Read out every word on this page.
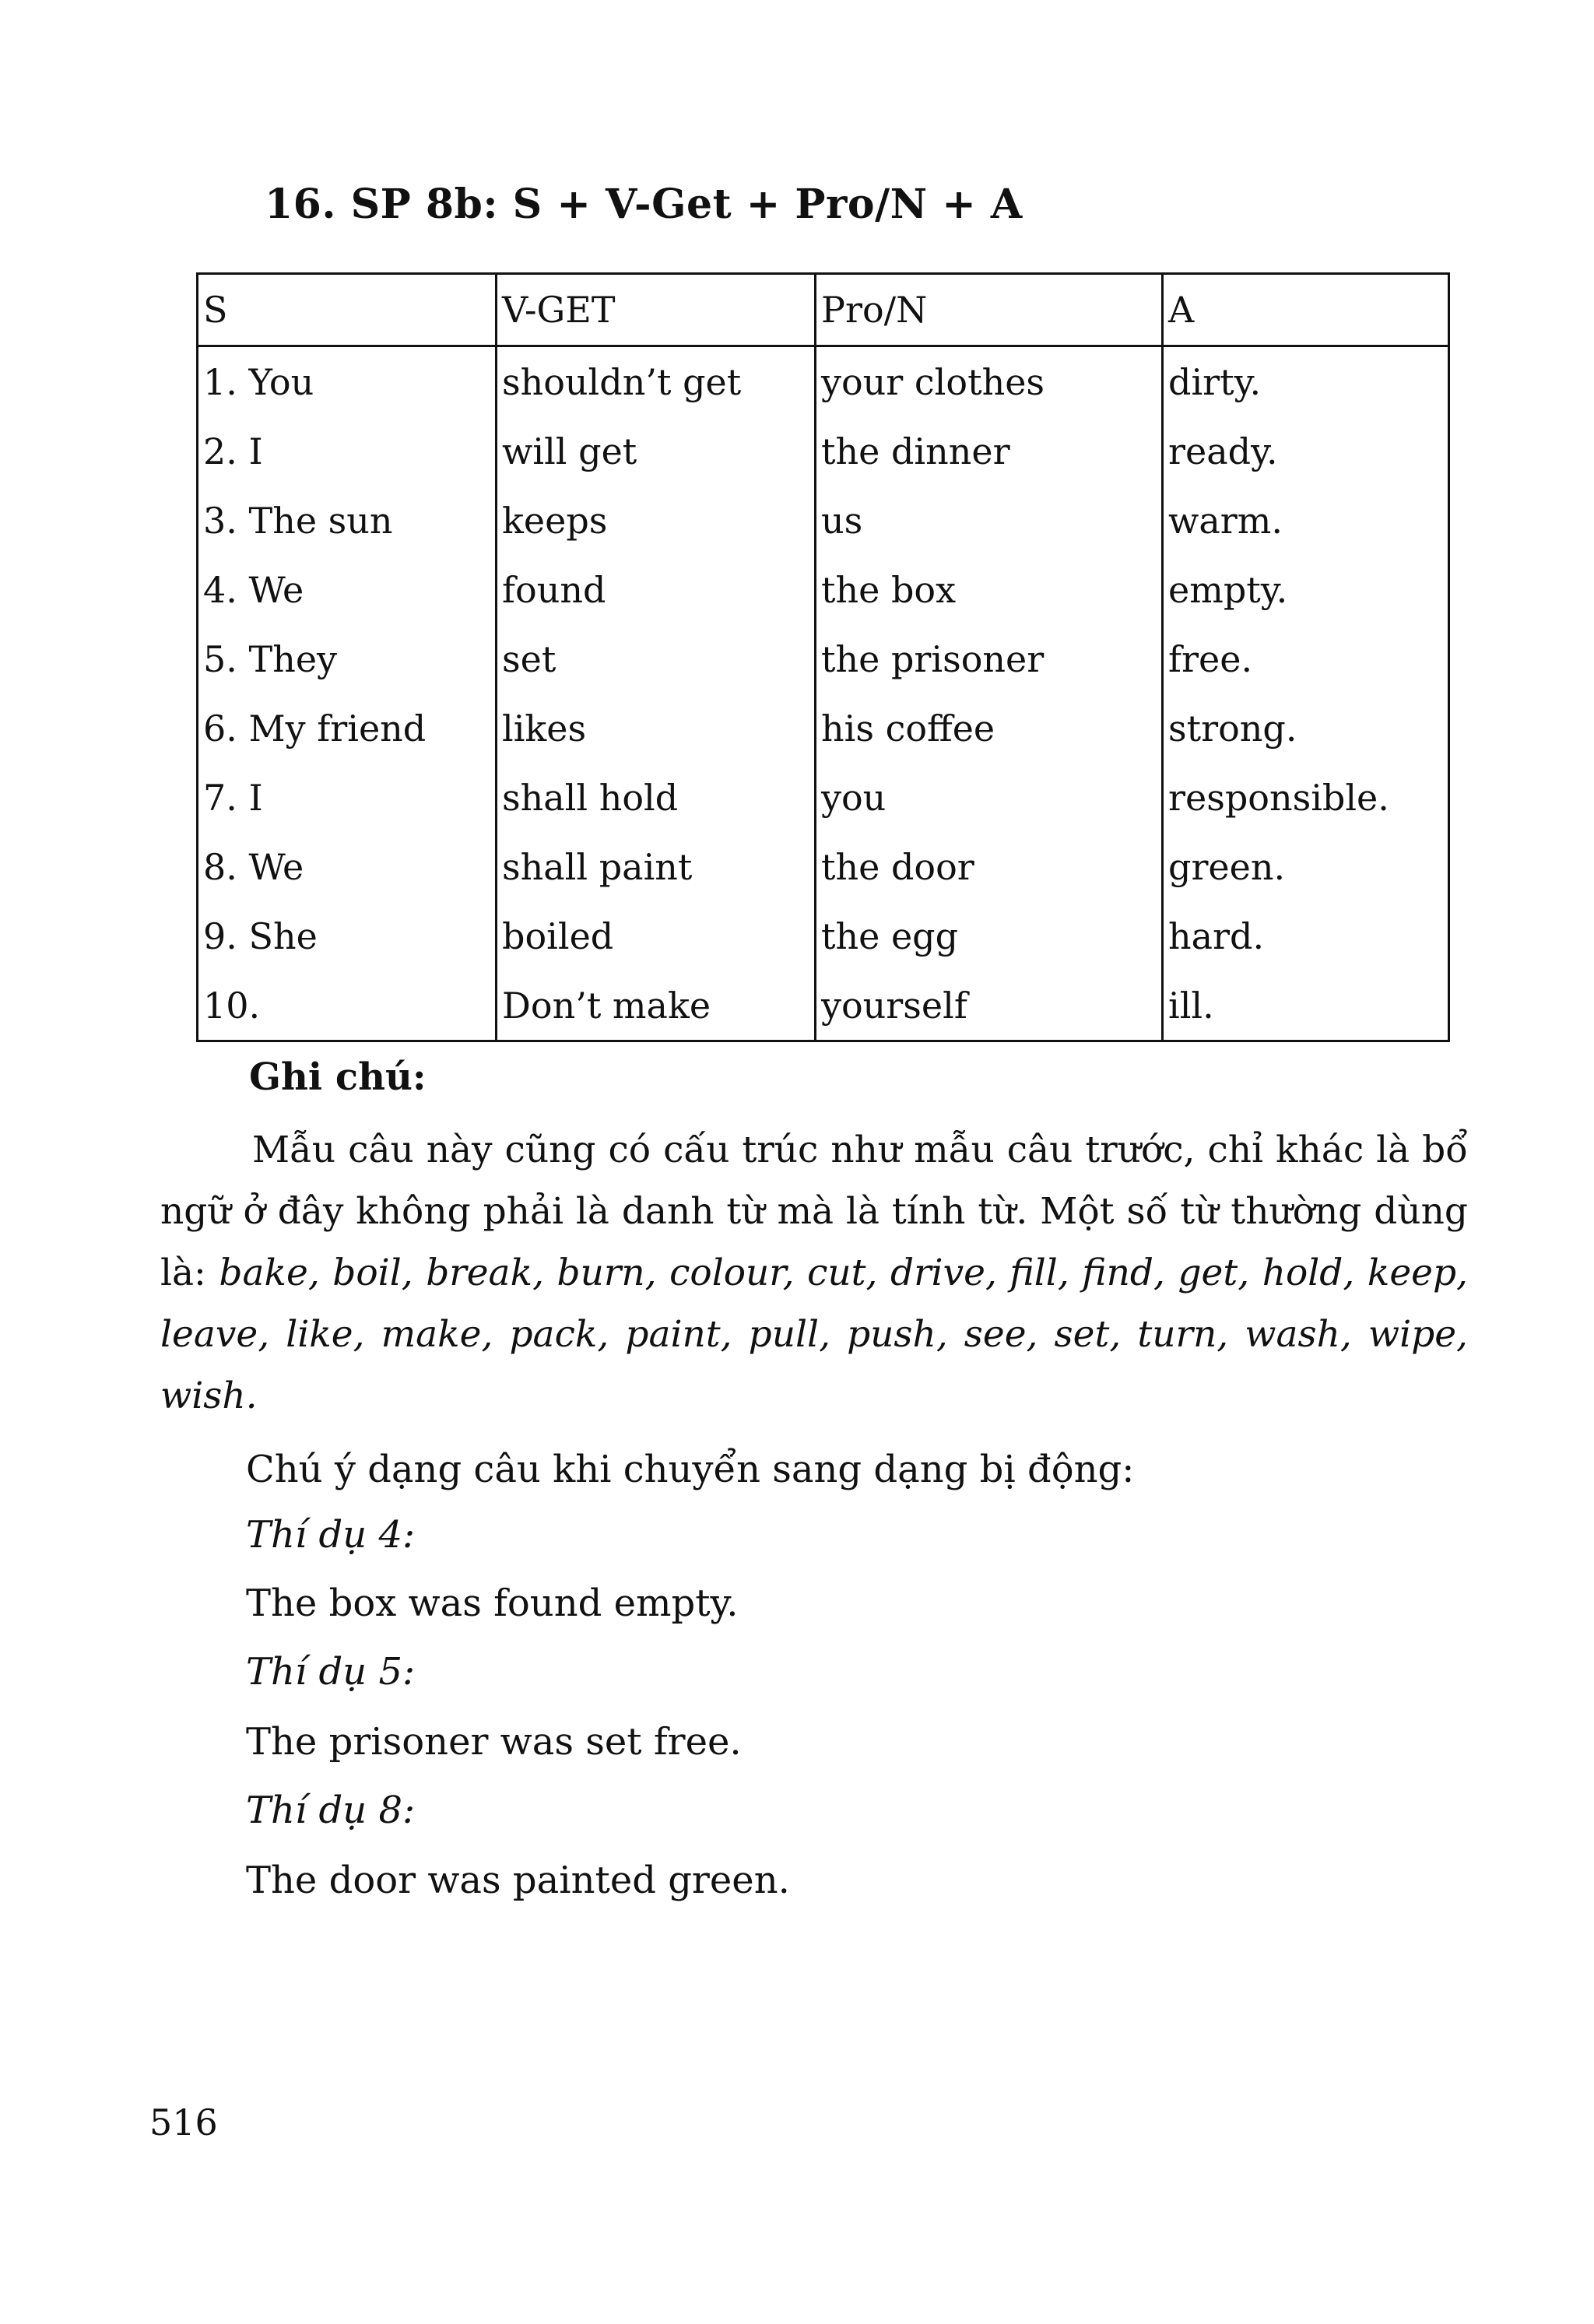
16. SP 8b: S + V-Get + Pro/N + A
S	V-GET	Pro/N	A
1. You	shouldn’t get	your clothes	dirty.
2. I	will get	the dinner	ready.
3. The sun	keeps	us	warm.
4. We	found	the box	empty.
5. They	set	the prisoner	free.
6. My friend	likes	his coffee	strong.
7. I	shall hold	you	responsible.
8. We	shall paint	the door	green.
9. She	boiled	the egg	hard.
10.	Don’t make	yourself	ill.
Ghi chú:
Mẫu câu này cũng có cấu trúc như mẫu câu trước, chỉ khác là bổ ngữ ở đây không phải là danh từ mà là tính từ. Một số từ thường dùng là: bake, boil, break, burn, colour, cut, drive, fill, find, get, hold, keep, leave, like, make, pack, paint, pull, push, see, set, turn, wash, wipe, wish.
Chú ý dạng câu khi chuyển sang dạng bị động:
Thí dụ 4:
The box was found empty.
Thí dụ 5:
The prisoner was set free.
Thí dụ 8:
The door was painted green.
516
